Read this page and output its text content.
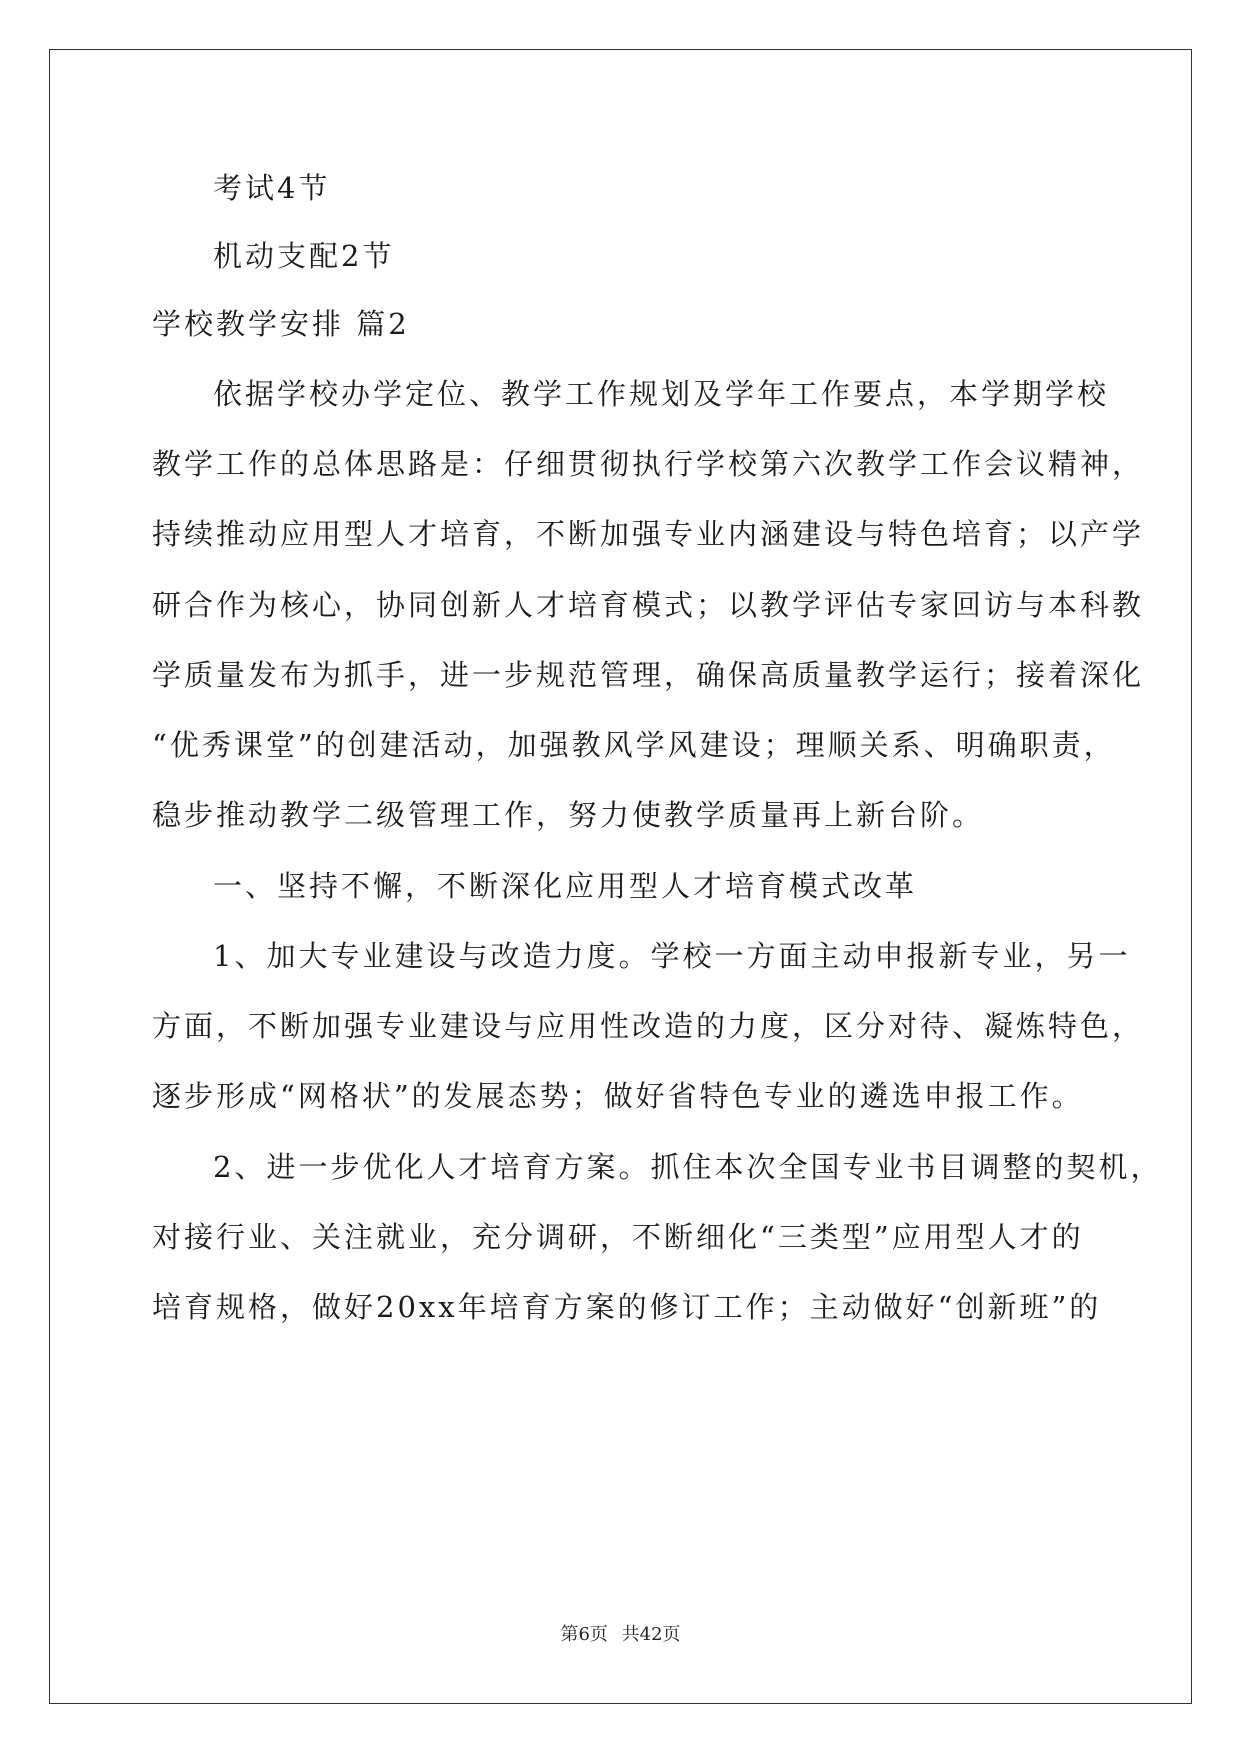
考试4节
机动支配2节
学校教学安排 篇2
依据学校办学定位、教学工作规划及学年工作要点，本学期学校
教学工作的总体思路是：仔细贯彻执行学校第六次教学工作会议精神，
持续推动应用型人才培育，不断加强专业内涵建设与特色培育；以产学
研合作为核心，协同创新人才培育模式；以教学评估专家回访与本科教
学质量发布为抓手，进一步规范管理，确保高质量教学运行；接着深化
“优秀课堂”的创建活动，加强教风学风建设；理顺关系、明确职责，
稳步推动教学二级管理工作，努力使教学质量再上新台阶。
一、坚持不懈，不断深化应用型人才培育模式改革
1、加大专业建设与改造力度。学校一方面主动申报新专业，另一
方面，不断加强专业建设与应用性改造的力度，区分对待、凝炼特色，
逐步形成“网格状”的发展态势；做好省特色专业的遴选申报工作。
2、进一步优化人才培育方案。抓住本次全国专业书目调整的契机，
对接行业、关注就业，充分调研，不断细化“三类型”应用型人才的
培育规格，做好20xx年培育方案的修订工作；主动做好“创新班”的
第6页 共42页
